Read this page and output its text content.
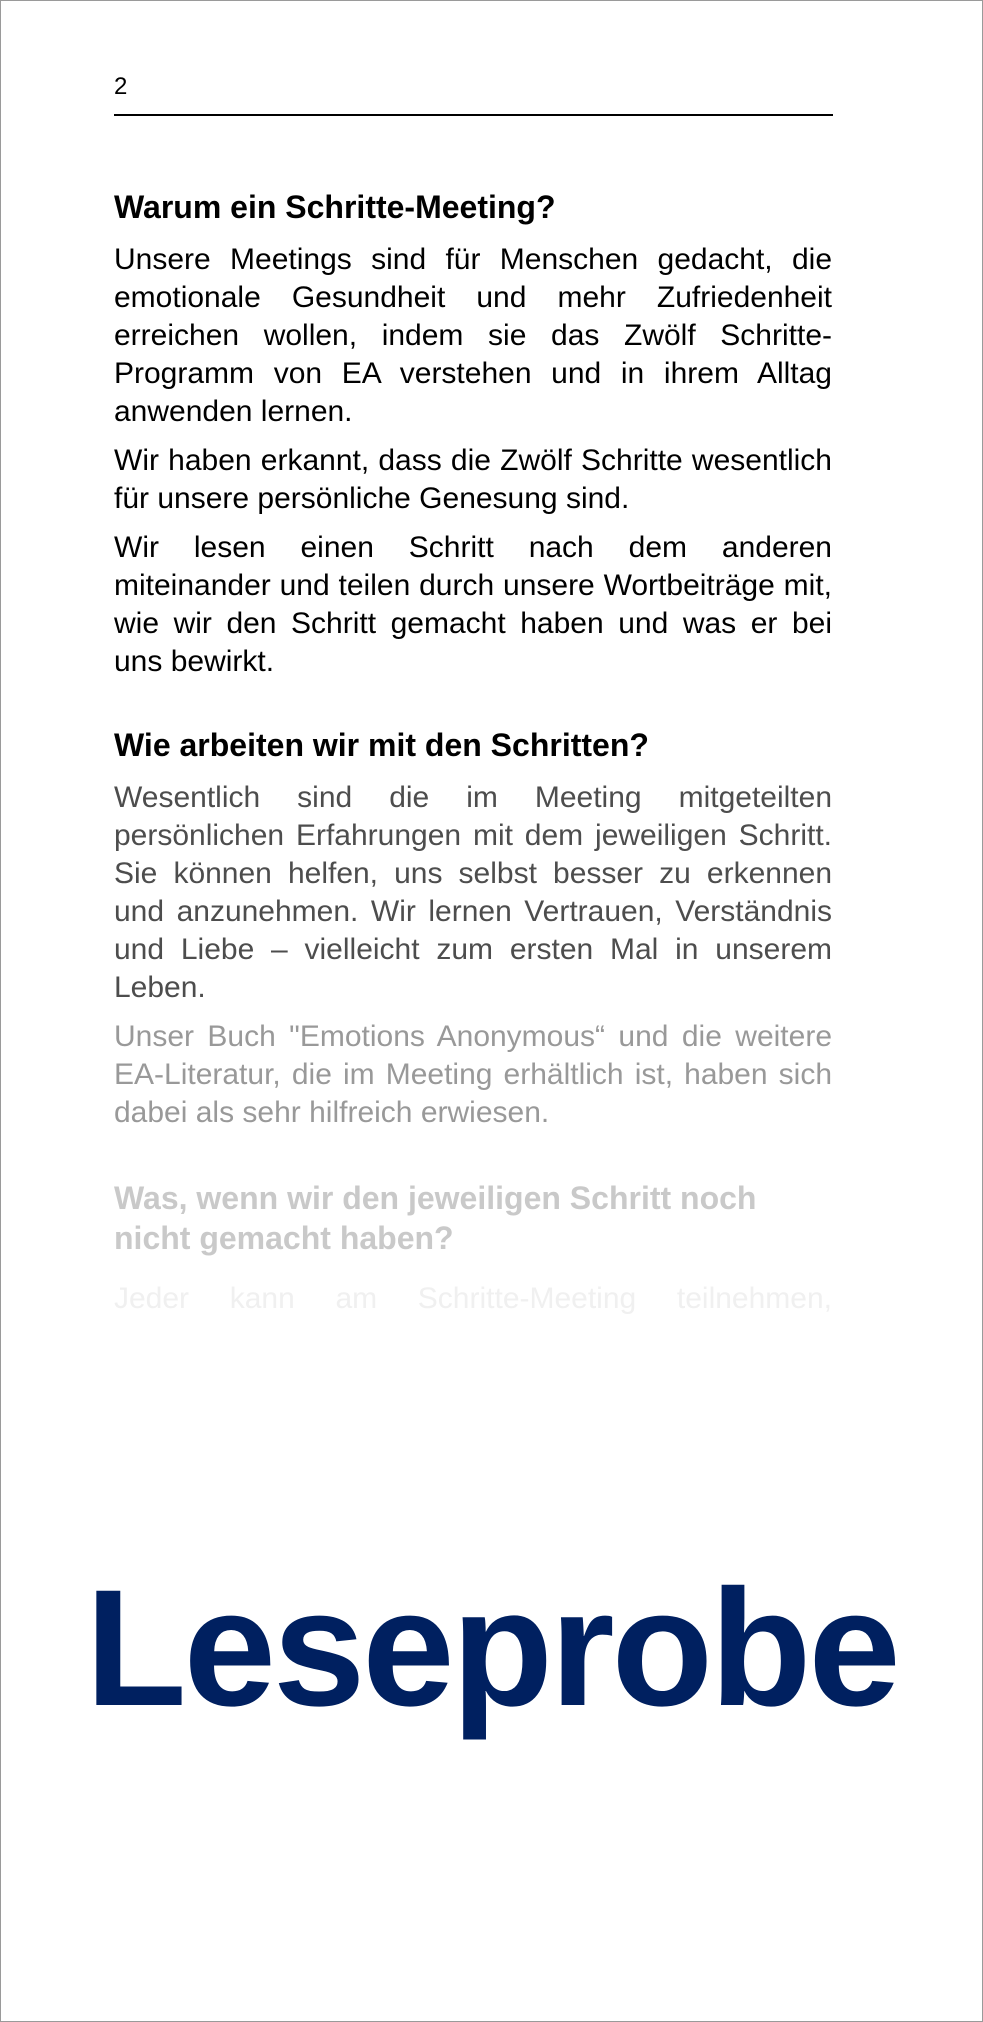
2
Warum ein Schritte-Meeting?

Unsere Meetings sind für Menschen gedacht, die emotionale Gesundheit und mehr Zufriedenheit erreichen wollen, indem sie das Zwölf Schritte-Programm von EA verstehen und in ihrem Alltag anwenden lernen.

Wir haben erkannt, dass die Zwölf Schritte wesentlich für unsere persönliche Genesung sind.

Wir lesen einen Schritt nach dem anderen miteinander und teilen durch unsere Wortbeiträge mit, wie wir den Schritt gemacht haben und was er bei uns bewirkt.

Wie arbeiten wir mit den Schritten?

Wesentlich sind die im Meeting mitgeteilten persönlichen Erfahrungen mit dem jeweiligen Schritt. Sie können helfen, uns selbst besser zu erkennen und anzunehmen. Wir lernen Vertrauen, Verständnis und Liebe – vielleicht zum ersten Mal in unserem Leben.

Unser Buch "Emotions Anonymous“ und die weitere EA-Literatur, die im Meeting erhältlich ist, haben sich dabei als sehr hilfreich erwiesen.

Was, wenn wir den jeweiligen Schritt noch nicht gemacht haben?

Jeder kann am Schritte-Meeting teilnehmen,

Leseprobe
